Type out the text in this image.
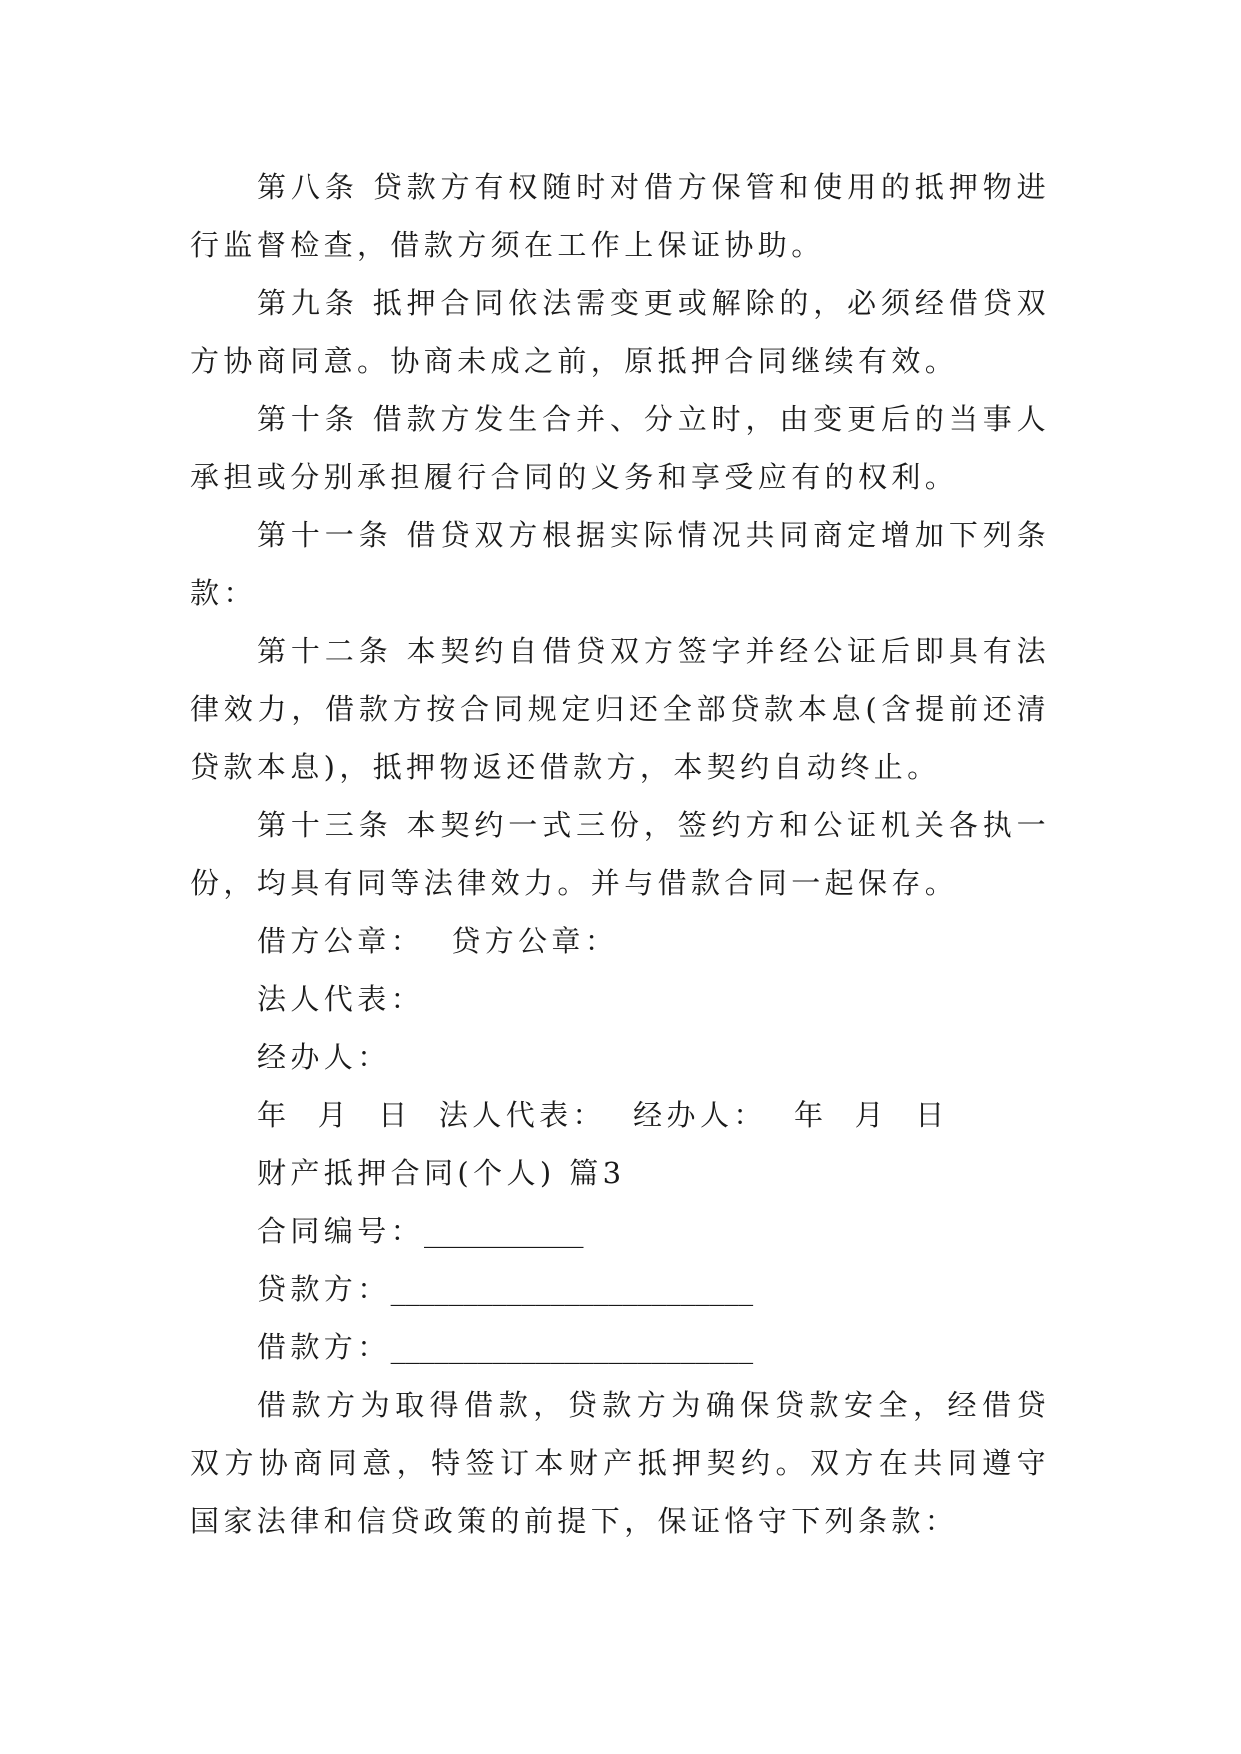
第八条 贷款方有权随时对借方保管和使用的抵押物进行监督检查，借款方须在工作上保证协助。

第九条 抵押合同依法需变更或解除的，必须经借贷双方协商同意。协商未成之前，原抵押合同继续有效。

第十条 借款方发生合并、分立时，由变更后的当事人承担或分别承担履行合同的义务和享受应有的权利。

第十一条 借贷双方根据实际情况共同商定增加下列条款：

第十二条 本契约自借贷双方签字并经公证后即具有法律效力，借款方按合同规定归还全部贷款本息(含提前还清贷款本息)，抵押物返还借款方，本契约自动终止。

第十三条 本契约一式三份，签约方和公证机关各执一份，均具有同等法律效力。并与借款合同一起保存。

借方公章：  贷方公章：

法人代表：

经办人：

年  月  日  法人代表：  经办人：  年  月  日

财产抵押合同(个人) 篇3

合同编号：___________

贷款方：_________________________

借款方：_________________________

借款方为取得借款，贷款方为确保贷款安全，经借贷双方协商同意，特签订本财产抵押契约。双方在共同遵守国家法律和信贷政策的前提下，保证恪守下列条款：
